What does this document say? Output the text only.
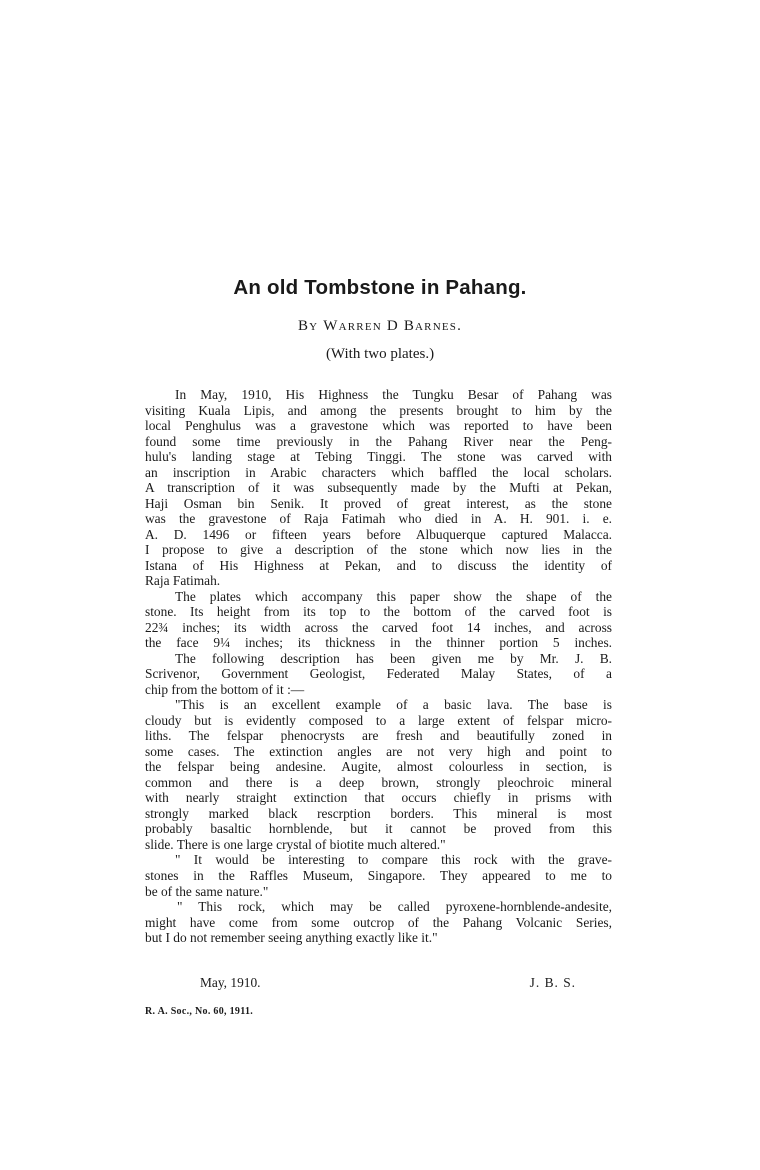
An old Tombstone in Pahang.
By Warren D Barnes.
(With two plates.)
In May, 1910, His Highness the Tungku Besar of Pahang was
visiting Kuala Lipis, and among the presents brought to him by the
local Penghulus was a gravestone which was reported to have been
found some time previously in the Pahang River near the Peng-
hulu's landing stage at Tebing Tinggi. The stone was carved with
an inscription in Arabic characters which baffled the local scholars.
A transcription of it was subsequently made by the Mufti at Pekan,
Haji Osman bin Senik. It proved of great interest, as the stone
was the gravestone of Raja Fatimah who died in A. H. 901. i. e.
A. D. 1496 or fifteen years before Albuquerque captured Malacca.
I propose to give a description of the stone which now lies in the
Istana of His Highness at Pekan, and to discuss the identity of
Raja Fatimah.
The plates which accompany this paper show the shape of the
stone. Its height from its top to the bottom of the carved foot is
22¾ inches; its width across the carved foot 14 inches, and across
the face 9¼ inches; its thickness in the thinner portion 5 inches.
The following description has been given me by Mr. J. B.
Scrivenor, Government Geologist, Federated Malay States, of a
chip from the bottom of it :—
"This is an excellent example of a basic lava. The base is
cloudy but is evidently composed to a large extent of felspar micro-
liths. The felspar phenocrysts are fresh and beautifully zoned in
some cases. The extinction angles are not very high and point to
the felspar being andesine. Augite, almost colourless in section, is
common and there is a deep brown, strongly pleochroic mineral
with nearly straight extinction that occurs chiefly in prisms with
strongly marked black rescrption borders. This mineral is most
probably basaltic hornblende, but it cannot be proved from this
slide. There is one large crystal of biotite much altered."
" It would be interesting to compare this rock with the grave-
stones in the Raffles Museum, Singapore. They appeared to me to
be of the same nature."
" This rock, which may be called pyroxene-hornblende-andesite,
might have come from some outcrop of the Pahang Volcanic Series,
but I do not remember seeing anything exactly like it."
May, 1910.	J. B. S.
R. A. Soc., No. 60, 1911.
